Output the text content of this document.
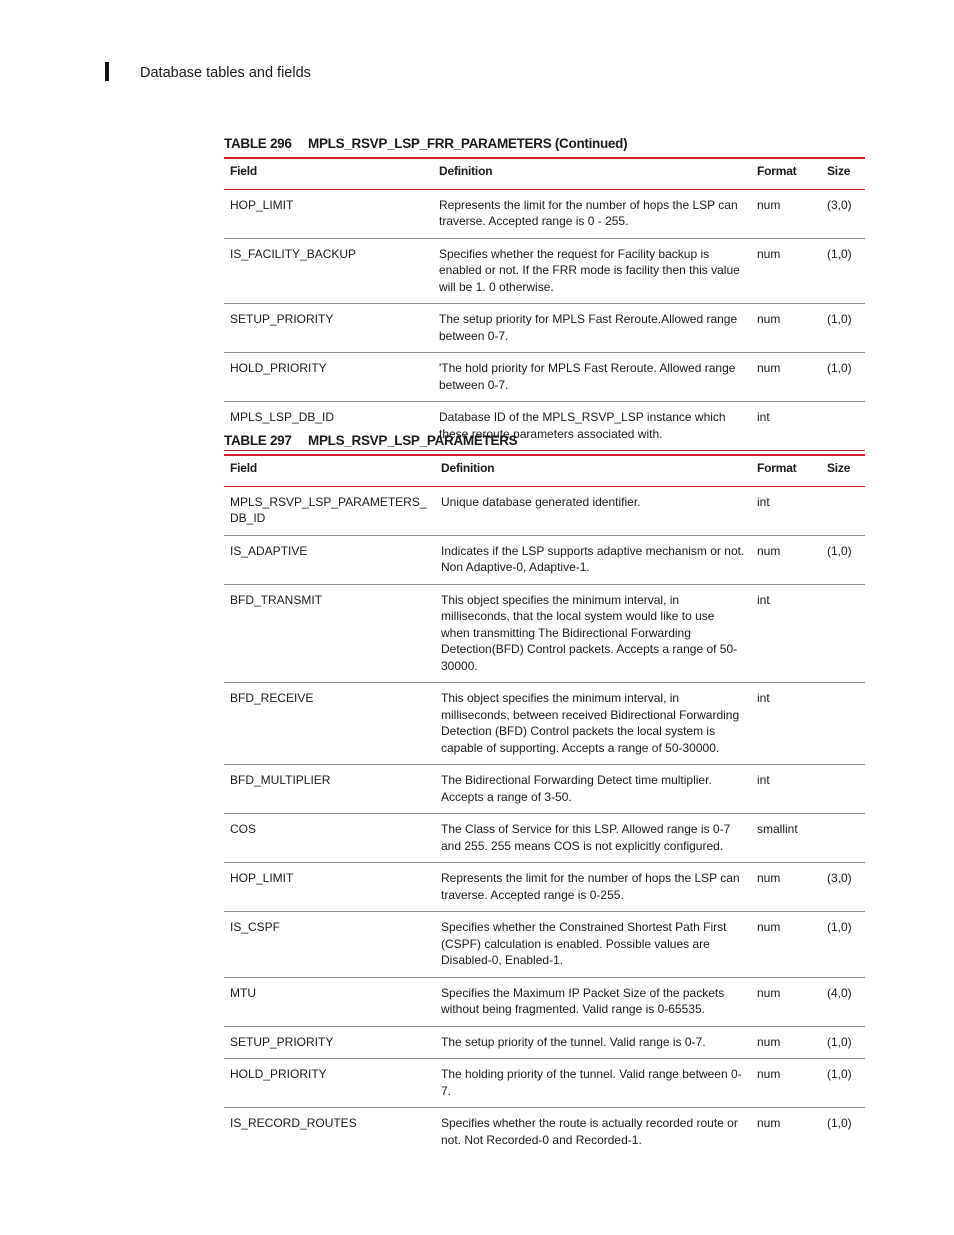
Database tables and fields
TABLE 296 MPLS_RSVP_LSP_FRR_PARAMETERS (Continued)
Field	Definition	Format	Size
HOP_LIMIT	Represents the limit for the number of hops the LSP can traverse. Accepted range is 0 - 255.	num	(3,0)
IS_FACILITY_BACKUP	Specifies whether the request for Facility backup is enabled or not. If the FRR mode is facility then this value will be 1. 0 otherwise.	num	(1,0)
SETUP_PRIORITY	The setup priority for MPLS Fast Reroute.Allowed range between 0-7.	num	(1,0)
HOLD_PRIORITY	'The hold priority for MPLS Fast Reroute. Allowed range between 0-7.	num	(1,0)
MPLS_LSP_DB_ID	Database ID of the MPLS_RSVP_LSP instance which these reroute parameters associated with.	int	
TABLE 297 MPLS_RSVP_LSP_PARAMETERS
Field	Definition	Format	Size
MPLS_RSVP_LSP_PARAMETERS_DB_ID	Unique database generated identifier.	int	
IS_ADAPTIVE	Indicates if the LSP supports adaptive mechanism or not. Non Adaptive-0, Adaptive-1.	num	(1,0)
BFD_TRANSMIT	This object specifies the minimum interval, in milliseconds, that the local system would like to use when transmitting The Bidirectional Forwarding Detection(BFD) Control packets. Accepts a range of 50-30000.	int	
BFD_RECEIVE	This object specifies the minimum interval, in milliseconds, between received Bidirectional Forwarding Detection (BFD) Control packets the local system is capable of supporting. Accepts a range of 50-30000.	int	
BFD_MULTIPLIER	The Bidirectional Forwarding Detect time multiplier. Accepts a range of 3-50.	int	
COS	The Class of Service for this LSP. Allowed range is 0-7 and 255. 255 means COS is not explicitly configured.	smallint	
HOP_LIMIT	Represents the limit for the number of hops the LSP can traverse. Accepted range is 0-255.	num	(3,0)
IS_CSPF	Specifies whether the Constrained Shortest Path First (CSPF) calculation is enabled. Possible values are Disabled-0, Enabled-1.	num	(1,0)
MTU	Specifies the Maximum IP Packet Size of the packets without being fragmented. Valid range is 0-65535.	num	(4,0)
SETUP_PRIORITY	The setup priority of the tunnel. Valid range is 0-7.	num	(1,0)
HOLD_PRIORITY	The holding priority of the tunnel. Valid range between 0-7.	num	(1,0)
IS_RECORD_ROUTES	Specifies whether the route is actually recorded route or not. Not Recorded-0 and Recorded-1.	num	(1,0)
